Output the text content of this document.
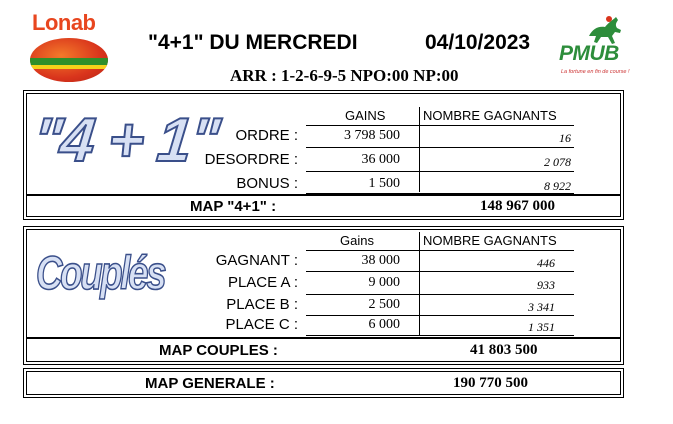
Lonab
"4+1" DU MERCREDI	04/10/2023
ARR : 1-2-6-9-5 NPO:00 NP:00
PMUB
La fortune en fin de course !
"4 + 1"	GAINS	NOMBRE GAGNANTS
ORDRE :	3 798 500	16
DESORDRE :	36 000	2 078
BONUS :	1 500	8 922
MAP "4+1" :	148 967 000
Couplés
Gains	NOMBRE GAGNANTS
GAGNANT :	38 000	446
PLACE A :	9 000	933
PLACE B :	2 500	3 341
PLACE C :	6 000	1 351
MAP COUPLES :	41 803 500
MAP GENERALE :	190 770 500
